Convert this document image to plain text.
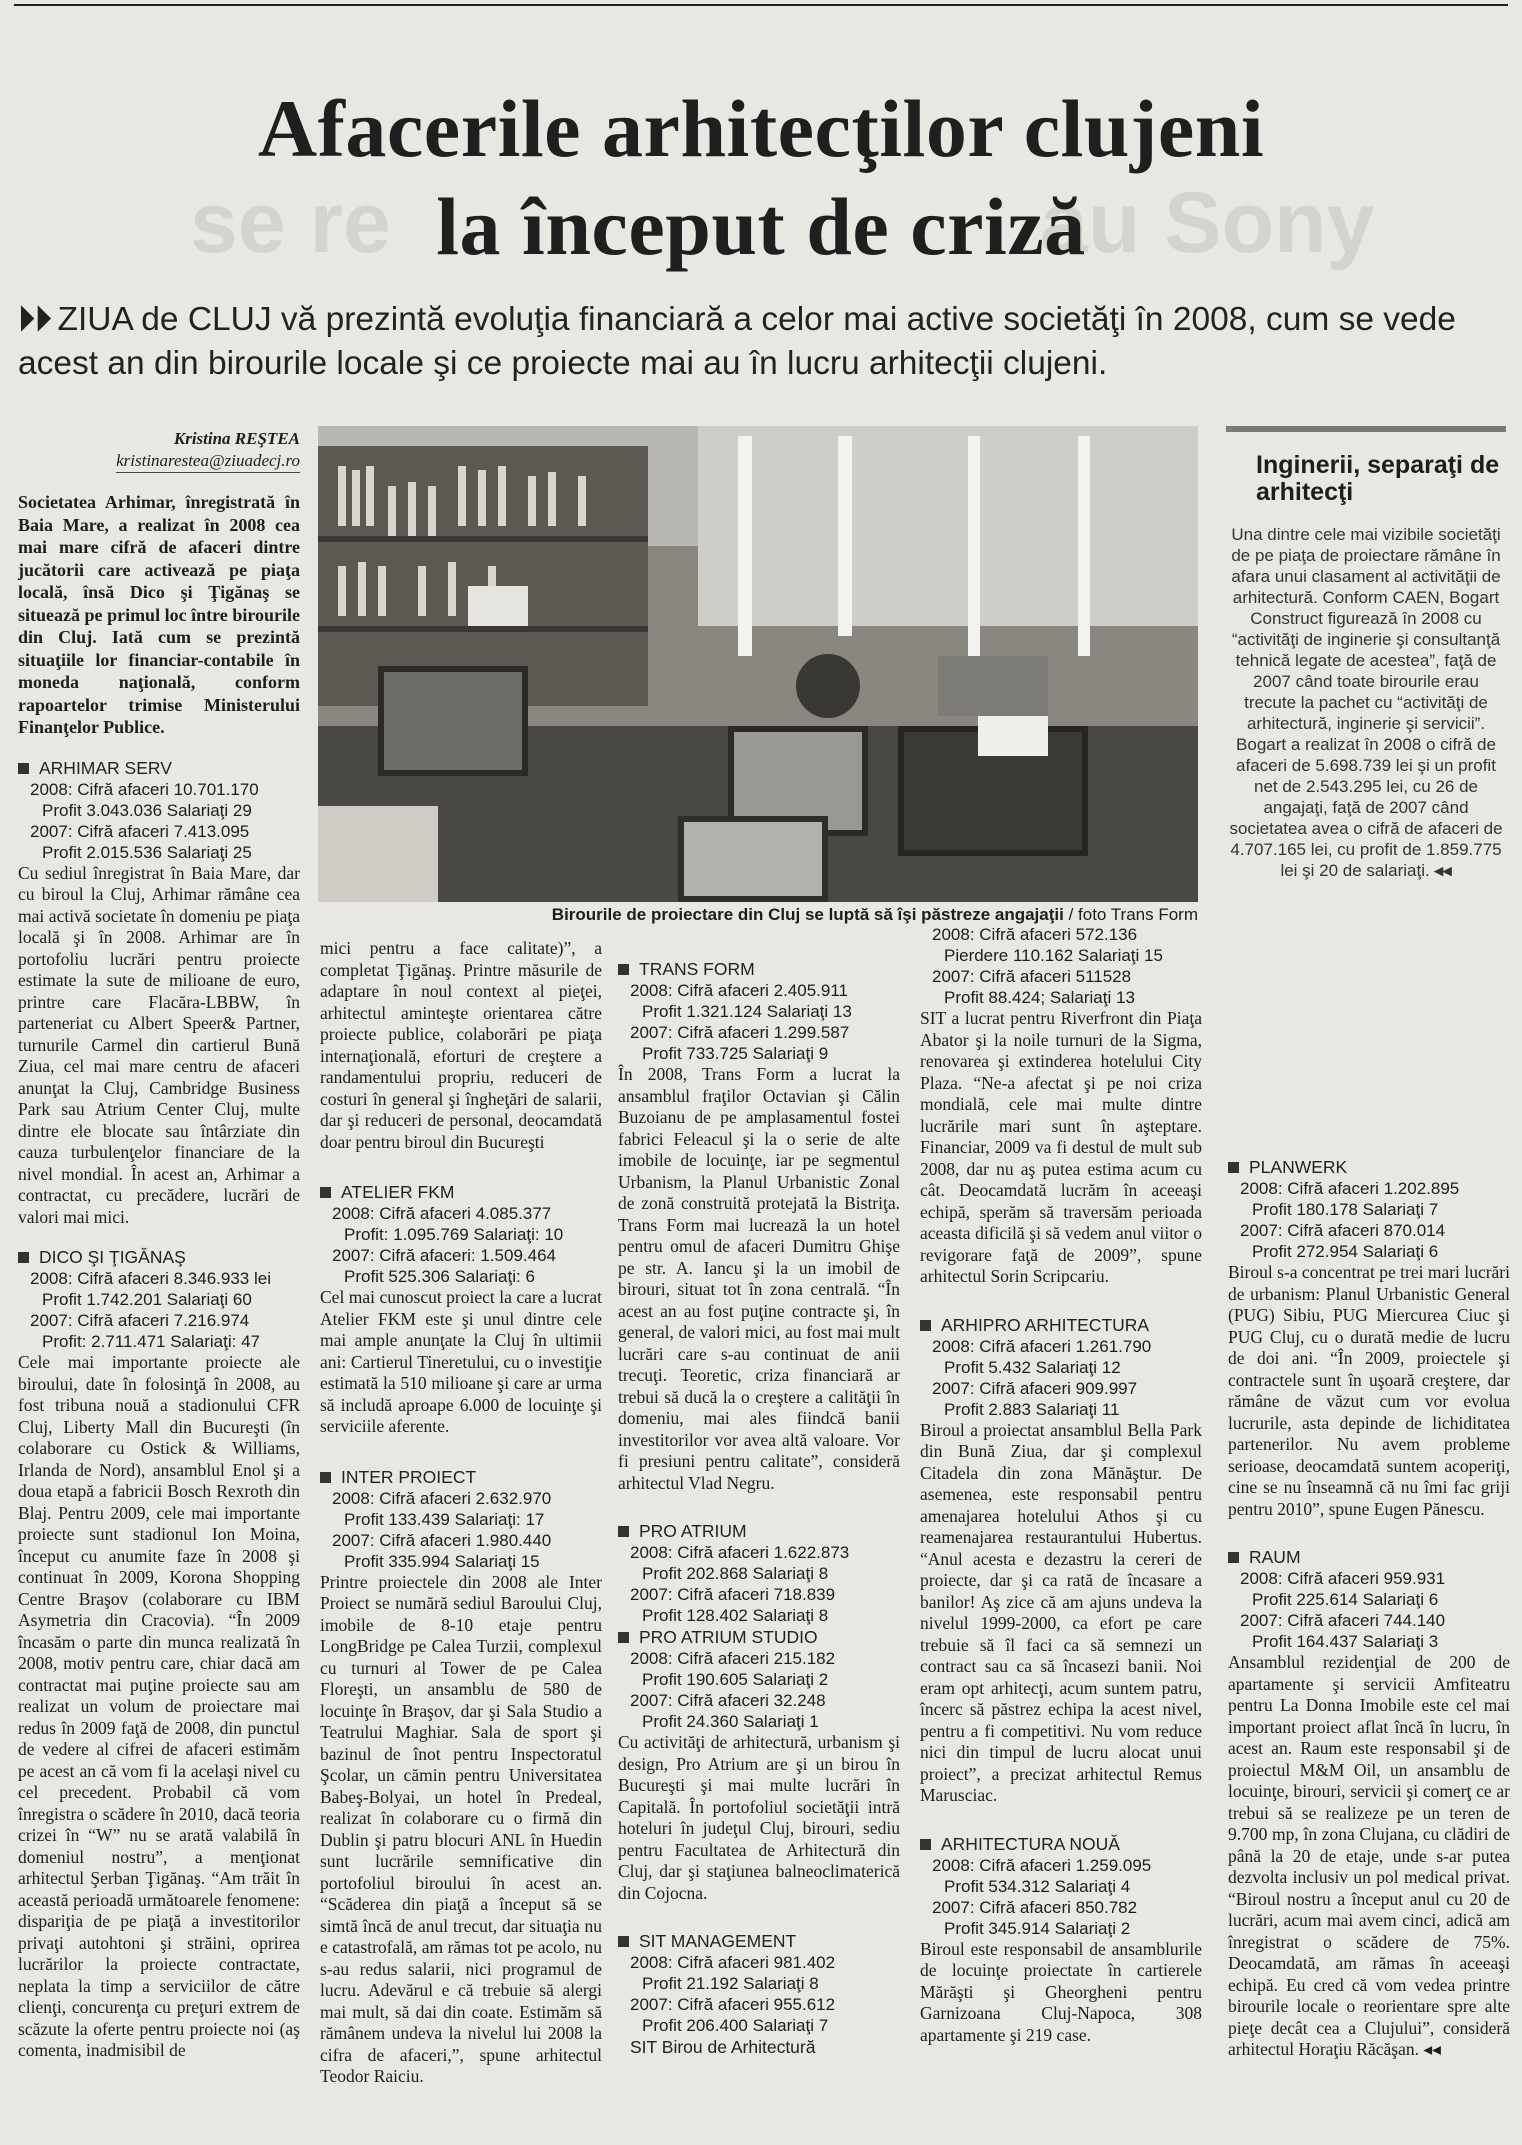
se re	au Sony
Afacerile arhitecţilor clujeni
la început de criză
⏵⏵ ZIUA de CLUJ vă prezintă evoluţia financiară a celor mai active societăţi în 2008, cum se vede acest an din birourile locale şi ce proiecte mai au în lucru arhitecţii clujeni.
Birourile de proiectare din Cluj se luptă să îşi păstreze angajaţii / foto Trans Form
Kristina REŞTEA
kristinarestea@ziuadecj.ro

Societatea Arhimar, înregistrată în Baia Mare, a realizat în 2008 cea mai mare cifră de afaceri dintre jucătorii care activează pe piaţa locală, însă Dico şi Ţigănaş se situează pe primul loc între birourile din Cluj. Iată cum se prezintă situaţiile lor financiar-contabile în moneda naţională, conform rapoartelor trimise Ministerului Finanţelor Publice.

ARHIMAR SERV
2008: Cifră afaceri 10.701.170
Profit 3.043.036 Salariaţi 29
2007: Cifră afaceri 7.413.095
Profit 2.015.536 Salariaţi 25

Cu sediul înregistrat în Baia Mare, dar cu biroul la Cluj, Arhimar rămâne cea mai activă societate în domeniu pe piaţa locală şi în 2008. Arhimar are în portofoliu lucrări pentru proiecte estimate la sute de milioane de euro, printre care Flacăra-LBBW, în parteneriat cu Albert Speer& Partner, turnurile Carmel din cartierul Bună Ziua, cel mai mare centru de afaceri anunţat la Cluj, Cambridge Business Park sau Atrium Center Cluj, multe dintre ele blocate sau întârziate din cauza turbulenţelor financiare de la nivel mondial. În acest an, Arhimar a contractat, cu precădere, lucrări de valori mai mici.

DICO ŞI ŢIGĂNAŞ
2008: Cifră afaceri 8.346.933 lei
Profit 1.742.201 Salariaţi 60
2007: Cifră afaceri 7.216.974
Profit: 2.711.471 Salariaţi: 47

Cele mai importante proiecte ale biroului, date în folosinţă în 2008, au fost tribuna nouă a stadionului CFR Cluj, Liberty Mall din Bucureşti (în colaborare cu Ostick & Williams, Irlanda de Nord), ansamblul Enol şi a doua etapă a fabricii Bosch Rexroth din Blaj. Pentru 2009, cele mai importante proiecte sunt stadionul Ion Moina, început cu anumite faze în 2008 şi continuat în 2009, Korona Shopping Centre Braşov (colaborare cu IBM Asymetria din Cracovia). “În 2009 încasăm o parte din munca realizată în 2008, motiv pentru care, chiar dacă am contractat mai puţine proiecte sau am realizat un volum de proiectare mai redus în 2009 faţă de 2008, din punctul de vedere al cifrei de afaceri estimăm pe acest an că vom fi la acelaşi nivel cu cel precedent. Probabil că vom înregistra o scădere în 2010, dacă teoria crizei în “W” nu se arată valabilă în domeniul nostru”, a menţionat arhitectul Şerban Ţigănaş. “Am trăit în această perioadă următoarele fenomene: dispariţia de pe piaţă a investitorilor privaţi autohtoni şi străini, oprirea lucrărilor la proiecte contractate, neplata la timp a serviciilor de către clienţi, concurenţa cu preţuri extrem de scăzute la oferte pentru proiecte noi (aş comenta, inadmisibil de

mici pentru a face calitate)”, a completat Ţigănaş. Printre măsurile de adaptare în noul context al pieţei, arhitectul aminteşte orientarea către proiecte publice, colaborări pe piaţa internaţională, eforturi de creştere a randamentului propriu, reduceri de costuri în general şi îngheţări de salarii, dar şi reduceri de personal, deocamdată doar pentru biroul din Bucureşti

ATELIER FKM
2008: Cifră afaceri 4.085.377
Profit: 1.095.769 Salariaţi: 10
2007: Cifră afaceri: 1.509.464
Profit 525.306 Salariaţi: 6

Cel mai cunoscut proiect la care a lucrat Atelier FKM este şi unul dintre cele mai ample anunţate la Cluj în ultimii ani: Cartierul Tineretului, cu o investiţie estimată la 510 milioane şi care ar urma să includă aproape 6.000 de locuinţe şi serviciile aferente.

INTER PROIECT
2008: Cifră afaceri 2.632.970
Profit 133.439 Salariaţi: 17
2007: Cifră afaceri 1.980.440
Profit 335.994 Salariaţi 15

Printre proiectele din 2008 ale Inter Proiect se numără sediul Baroului Cluj, imobile de 8-10 etaje pentru LongBridge pe Calea Turzii, complexul cu turnuri al Tower de pe Calea Floreşti, un ansamblu de 580 de locuinţe în Braşov, dar şi Sala Studio a Teatrului Maghiar. Sala de sport şi bazinul de înot pentru Inspectoratul Şcolar, un cămin pentru Universitatea Babeş-Bolyai, un hotel în Predeal, realizat în colaborare cu o firmă din Dublin şi patru blocuri ANL în Huedin sunt lucrările semnificative din portofoliul biroului în acest an. “Scăderea din piaţă a început să se simtă încă de anul trecut, dar situaţia nu e catastrofală, am rămas tot pe acolo, nu s-au redus salarii, nici programul de lucru. Adevărul e că trebuie să alergi mai mult, să dai din coate. Estimăm să rămânem undeva la nivelul lui 2008 la cifra de afaceri,”, spune arhitectul Teodor Raiciu.

TRANS FORM
2008: Cifră afaceri 2.405.911
Profit 1.321.124 Salariaţi 13
2007: Cifră afaceri 1.299.587
Profit 733.725 Salariaţi 9

În 2008, Trans Form a lucrat la ansamblul fraţilor Octavian şi Călin Buzoianu de pe amplasamentul fostei fabrici Feleacul şi la o serie de alte imobile de locuinţe, iar pe segmentul Urbanism, la Planul Urbanistic Zonal de zonă construită protejată la Bistriţa. Trans Form mai lucrează la un hotel pentru omul de afaceri Dumitru Ghişe pe str. A. Iancu şi la un imobil de birouri, situat tot în zona centrală. “În acest an au fost puţine contracte şi, în general, de valori mici, au fost mai mult lucrări care s-au continuat de anii trecuţi. Teoretic, criza financiară ar trebui să ducă la o creştere a calităţii în domeniu, mai ales fiindcă banii investitorilor vor avea altă valoare. Vor fi presiuni pentru calitate”, consideră arhitectul Vlad Negru.

PRO ATRIUM
2008: Cifră afaceri 1.622.873
Profit 202.868 Salariaţi 8
2007: Cifră afaceri 718.839
Profit 128.402 Salariaţi 8
PRO ATRIUM STUDIO
2008: Cifră afaceri 215.182
Profit 190.605 Salariaţi 2
2007: Cifră afaceri 32.248
Profit 24.360 Salariaţi 1

Cu activităţi de arhitectură, urbanism şi design, Pro Atrium are şi un birou în Bucureşti şi mai multe lucrări în Capitală. În portofoliul societăţii intră hoteluri în judeţul Cluj, birouri, sediu pentru Facultatea de Arhitectură din Cluj, dar şi staţiunea balneoclimaterică din Cojocna.

SIT MANAGEMENT
2008: Cifră afaceri 981.402
Profit 21.192 Salariaţi 8
2007: Cifră afaceri 955.612
Profit 206.400 Salariaţi 7
SIT Birou de Arhitectură
2008: Cifră afaceri 572.136
Pierdere 110.162 Salariaţi 15
2007: Cifră afaceri 511528
Profit 88.424; Salariaţi 13

SIT a lucrat pentru Riverfront din Piaţa Abator şi la noile turnuri de la Sigma, renovarea şi extinderea hotelului City Plaza. “Ne-a afectat şi pe noi criza mondială, cele mai multe dintre lucrările mari sunt în aşteptare. Financiar, 2009 va fi destul de mult sub 2008, dar nu aş putea estima acum cu cât. Deocamdată lucrăm în aceeaşi echipă, sperăm să traversăm perioada aceasta dificilă şi să vedem anul viitor o revigorare faţă de 2009”, spune arhitectul Sorin Scripcariu.

ARHIPRO ARHITECTURA
2008: Cifră afaceri 1.261.790
Profit 5.432 Salariaţi 12
2007: Cifră afaceri 909.997
Profit 2.883 Salariaţi 11

Biroul a proiectat ansamblul Bella Park din Bună Ziua, dar şi complexul Citadela din zona Mănăştur. De asemenea, este responsabil pentru amenajarea hotelului Athos şi cu reamenajarea restaurantului Hubertus. “Anul acesta e dezastru la cereri de proiecte, dar şi ca rată de încasare a banilor! Aş zice că am ajuns undeva la nivelul 1999-2000, ca efort pe care trebuie să îl faci ca să semnezi un contract sau ca să încasezi banii. Noi eram opt arhitecţi, acum suntem patru, încerc să păstrez echipa la acest nivel, pentru a fi competitivi. Nu vom reduce nici din timpul de lucru alocat unui proiect”, a precizat arhitectul Remus Marusciac.

ARHITECTURA NOUĂ
2008: Cifră afaceri 1.259.095
Profit 534.312 Salariaţi 4
2007: Cifră afaceri 850.782
Profit 345.914 Salariaţi 2

Biroul este responsabil de ansamblurile de locuinţe proiectate în cartierele Mărăşti şi Gheorgheni pentru Garnizoana Cluj-Napoca, 308 apartamente şi 219 case.

Inginerii, separaţi de arhitecţi

Una dintre cele mai vizibile societăţi de pe piaţa de proiectare rămâne în afara unui clasament al activităţii de arhitectură. Conform CAEN, Bogart Construct figurează în 2008 cu “activităţi de inginerie şi consultanţă tehnică legate de acestea”, faţă de 2007 când toate birourile erau trecute la pachet cu “activităţi de arhitectură, inginerie şi servicii”. Bogart a realizat în 2008 o cifră de afaceri de 5.698.739 lei şi un profit net de 2.543.295 lei, cu 26 de angajaţi, faţă de 2007 când societatea avea o cifră de afaceri de 4.707.165 lei, cu profit de 1.859.775 lei şi 20 de salariaţi. ◂◂

PLANWERK
2008: Cifră afaceri 1.202.895
Profit 180.178 Salariaţi 7
2007: Cifră afaceri 870.014
Profit 272.954 Salariaţi 6

Biroul s-a concentrat pe trei mari lucrări de urbanism: Planul Urbanistic General (PUG) Sibiu, PUG Miercurea Ciuc şi PUG Cluj, cu o durată medie de lucru de doi ani. “În 2009, proiectele şi contractele sunt în uşoară creştere, dar rămâne de văzut cum vor evolua lucrurile, asta depinde de lichiditatea partenerilor. Nu avem probleme serioase, deocamdată suntem acoperiţi, cine se nu înseamnă că nu îmi fac griji pentru 2010”, spune Eugen Pănescu.

RAUM
2008: Cifră afaceri 959.931
Profit 225.614 Salariaţi 6
2007: Cifră afaceri 744.140
Profit 164.437 Salariaţi 3

Ansamblul rezidenţial de 200 de apartamente şi servicii Amfiteatru pentru La Donna Imobile este cel mai important proiect aflat încă în lucru, în acest an. Raum este responsabil şi de proiectul M&M Oil, un ansamblu de locuinţe, birouri, servicii şi comerţ ce ar trebui să se realizeze pe un teren de 9.700 mp, în zona Clujana, cu clădiri de până la 20 de etaje, unde s-ar putea dezvolta inclusiv un pol medical privat. “Biroul nostru a început anul cu 20 de lucrări, acum mai avem cinci, adică am înregistrat o scădere de 75%. Deocamdată, am rămas în aceeaşi echipă. Eu cred că vom vedea printre birourile locale o reorientare spre alte pieţe decât cea a Clujului”, consideră arhitectul Horaţiu Răcăşan. ◂◂
